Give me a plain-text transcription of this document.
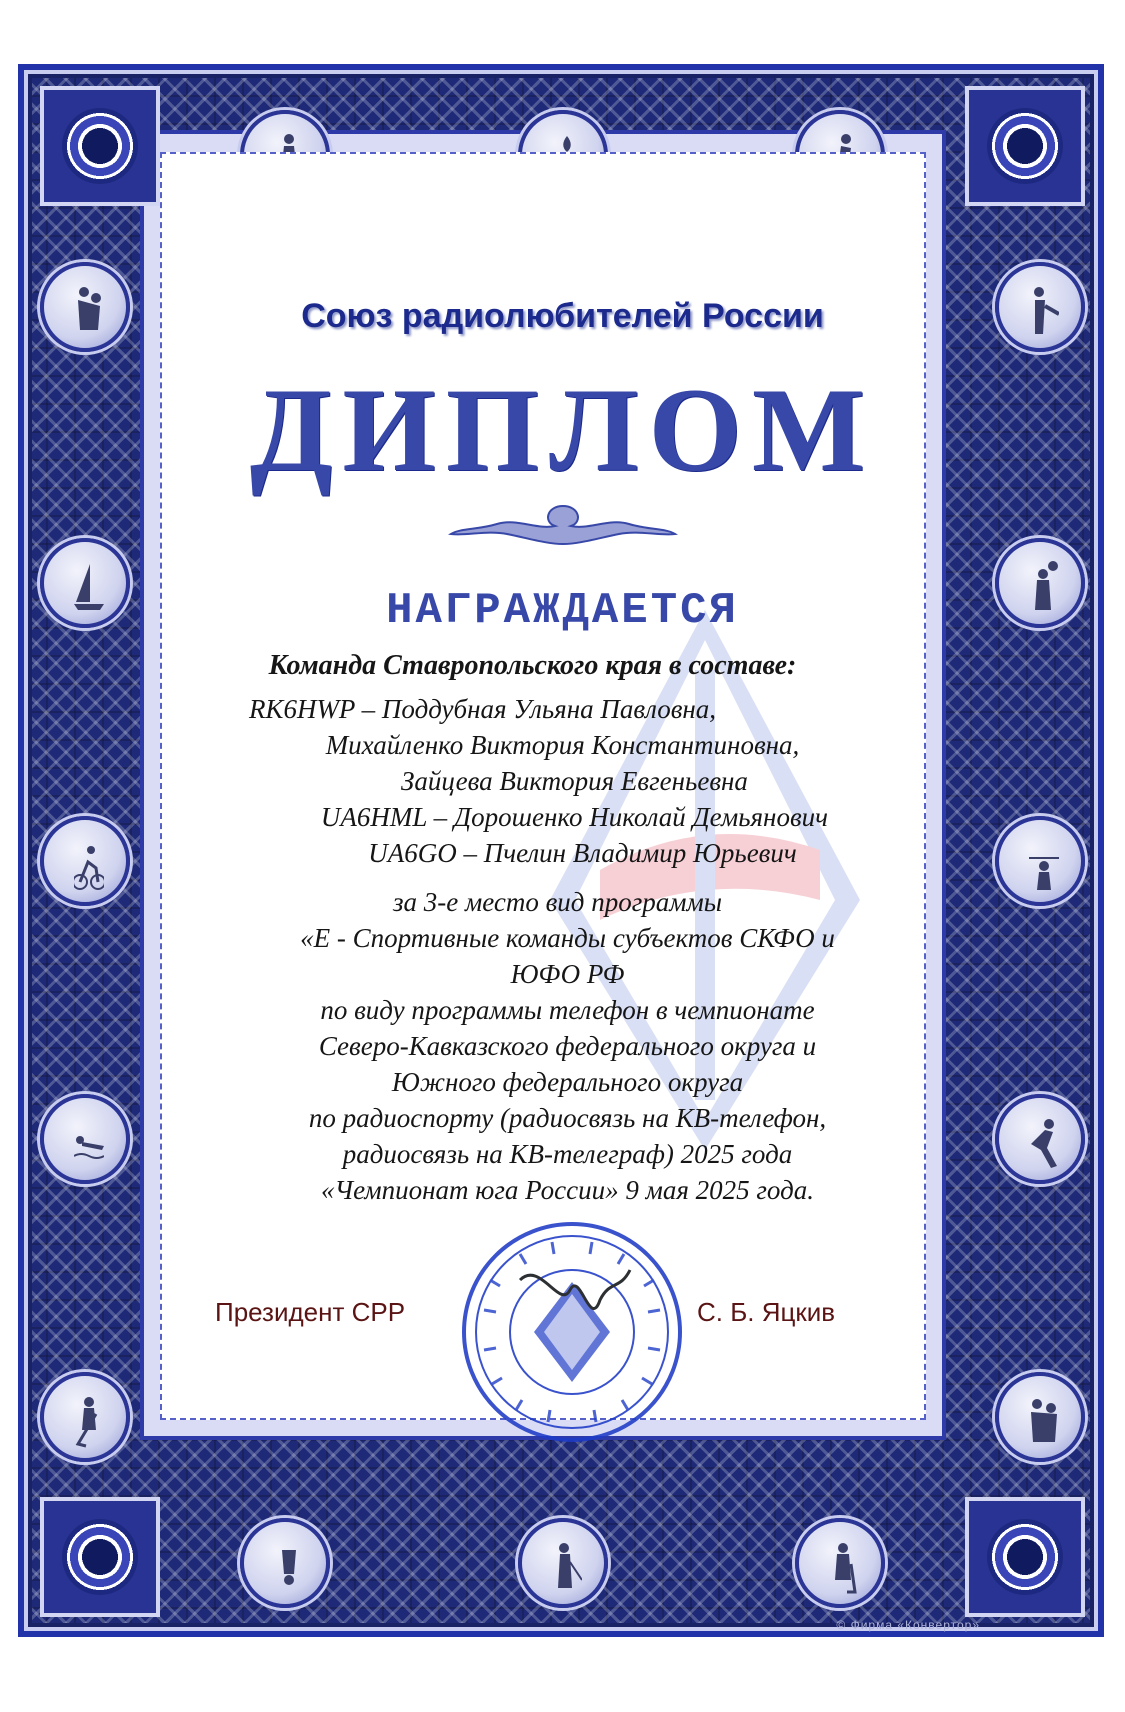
Союз радиолюбителей России
ДИПЛОМ
НАГРАЖДАЕТСЯ

Команда Ставропольского края в составе:

RK6HWP – Поддубная Ульяна Павловна,

Михайленко Виктория Константиновна,

Зайцева Виктория Евгеньевна

UA6HML – Дорошенко Николай Демьянович

UA6GO – Пчелин Владимир Юрьевич

за 3-е место вид программы

«Е - Спортивные команды субъектов СКФО и

ЮФО РФ

по виду программы телефон в чемпионате

Северо-Кавказского федерального округа и

Южного федерального округа

по радиоспорту (радиосвязь на КВ-телефон,

радиосвязь на КВ-телеграф) 2025 года

«Чемпионат юга России» 9 мая 2025 года.

Президент СРР	С. Б. Яцкив

© Фирма «Конвертор»
